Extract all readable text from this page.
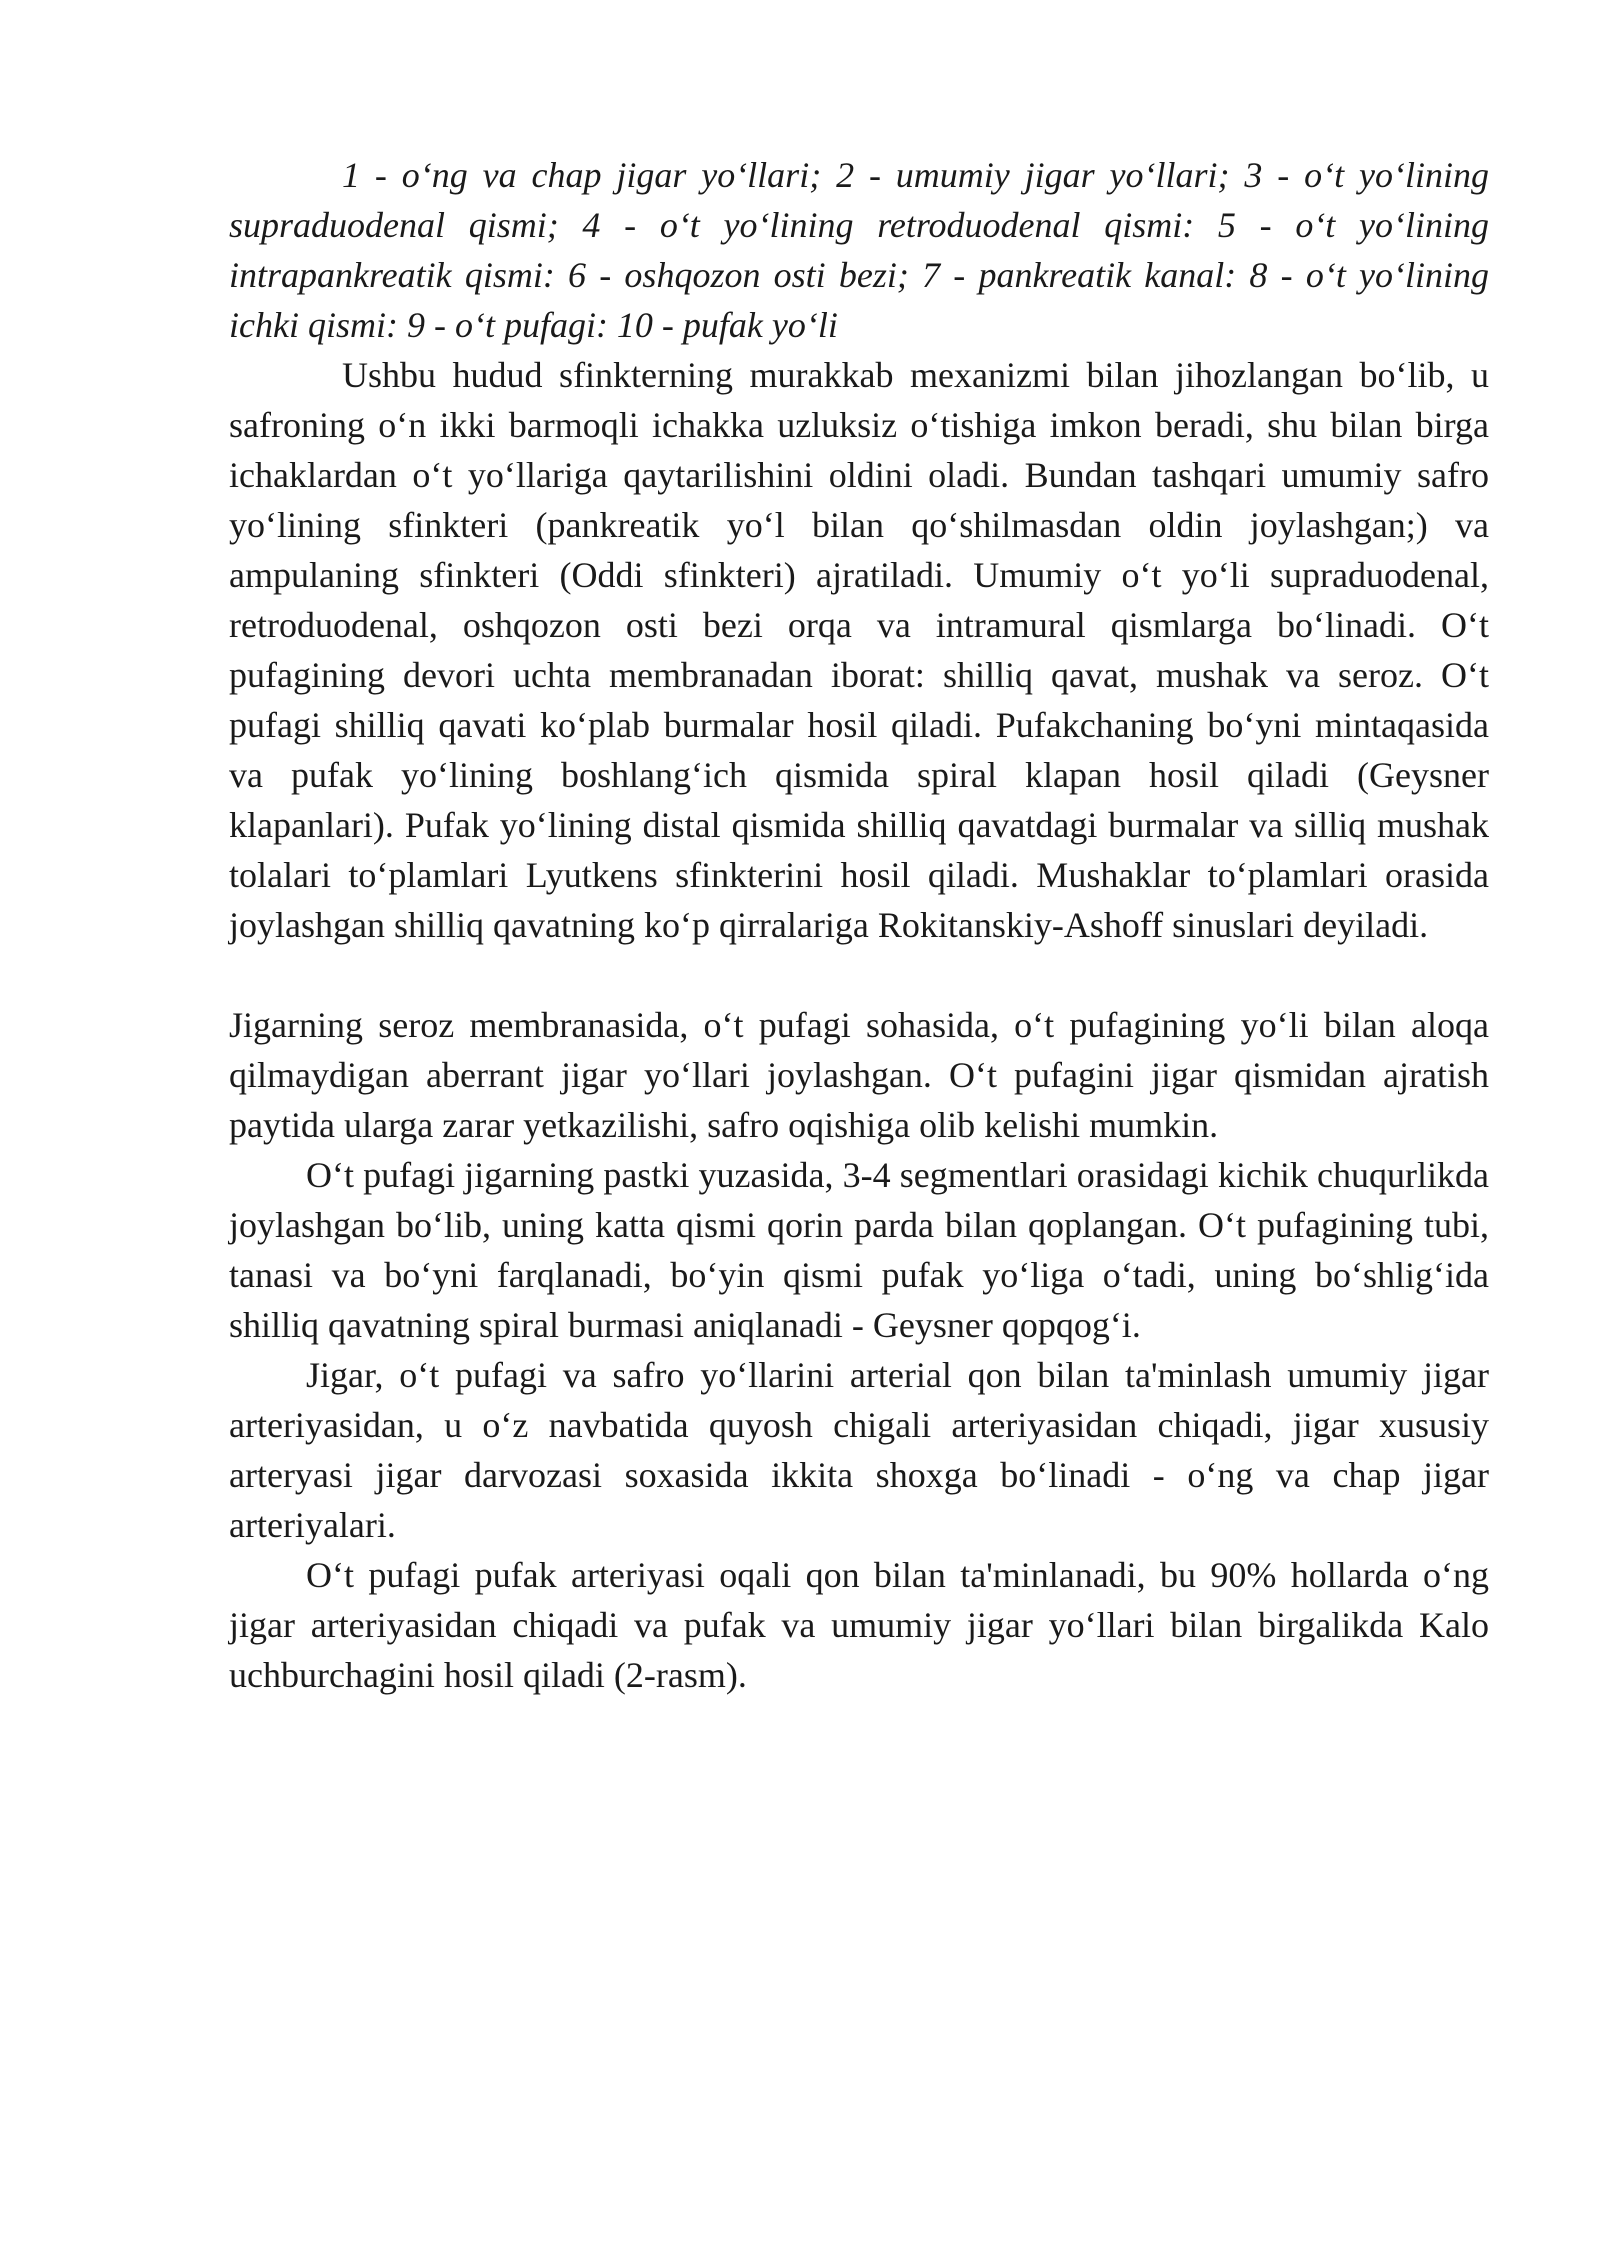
1 - o‘ng va chap jigar yo‘llari; 2 - umumiy jigar yo‘llari; 3 - o‘t yo‘lining supraduodenal qismi; 4 - o‘t yo‘lining retroduodenal qismi: 5 - o‘t yo‘lining intrapankreatik qismi: 6 - oshqozon osti bezi; 7 - pankreatik kanal: 8 - o‘t yo‘lining ichki qismi: 9 - o‘t pufagi: 10 - pufak yo‘li

Ushbu hudud sfinkterning murakkab mexanizmi bilan jihozlangan bo‘lib, u safroning o‘n ikki barmoqli ichakka uzluksiz o‘tishiga imkon beradi, shu bilan birga ichaklardan o‘t yo‘llariga qaytarilishini oldini oladi. Bundan tashqari umumiy safro yo‘lining sfinkteri (pankreatik yo‘l bilan qo‘shilmasdan oldin joylashgan;) va ampulaning sfinkteri (Oddi sfinkteri) ajratiladi. Umumiy o‘t yo‘li supraduodenal, retroduodenal, oshqozon osti bezi orqa va intramural qismlarga bo‘linadi. O‘t pufagining devori uchta membranadan iborat: shilliq qavat, mushak va seroz. O‘t pufagi shilliq qavati ko‘plab burmalar hosil qiladi. Pufakchaning bo‘yni mintaqasida va pufak yo‘lining boshlang‘ich qismida spiral klapan hosil qiladi (Geysner klapanlari). Pufak yo‘lining distal qismida shilliq qavatdagi burmalar va silliq mushak tolalari to‘plamlari Lyutkens sfinkterini hosil qiladi. Mushaklar to‘plamlari orasida joylashgan shilliq qavatning ko‘p qirralariga Rokitanskiy-Ashoff sinuslari deyiladi.

Jigarning seroz membranasida, o‘t pufagi sohasida, o‘t pufagining yo‘li bilan aloqa qilmaydigan aberrant jigar yo‘llari joylashgan. O‘t pufagini jigar qismidan ajratish paytida ularga zarar yetkazilishi, safro oqishiga olib kelishi mumkin.

O‘t pufagi jigarning pastki yuzasida, 3-4 segmentlari orasidagi kichik chuqurlikda joylashgan bo‘lib, uning katta qismi qorin parda bilan qoplangan. O‘t pufagining tubi, tanasi va bo‘yni farqlanadi, bo‘yin qismi pufak yo‘liga o‘tadi, uning bo‘shlig‘ida shilliq qavatning spiral burmasi aniqlanadi - Geysner qopqog‘i.

Jigar, o‘t pufagi va safro yo‘llarini arterial qon bilan ta'minlash umumiy jigar arteriyasidan, u o‘z navbatida quyosh chigali arteriyasidan chiqadi, jigar xususiy arteryasi jigar darvozasi soxasida ikkita shoxga bo‘linadi - o‘ng va chap jigar arteriyalari.

O‘t pufagi pufak arteriyasi oqali qon bilan ta'minlanadi, bu 90% hollarda o‘ng jigar arteriyasidan chiqadi va pufak va umumiy jigar yo‘llari bilan birgalikda Kalo uchburchagini hosil qiladi (2-rasm).
